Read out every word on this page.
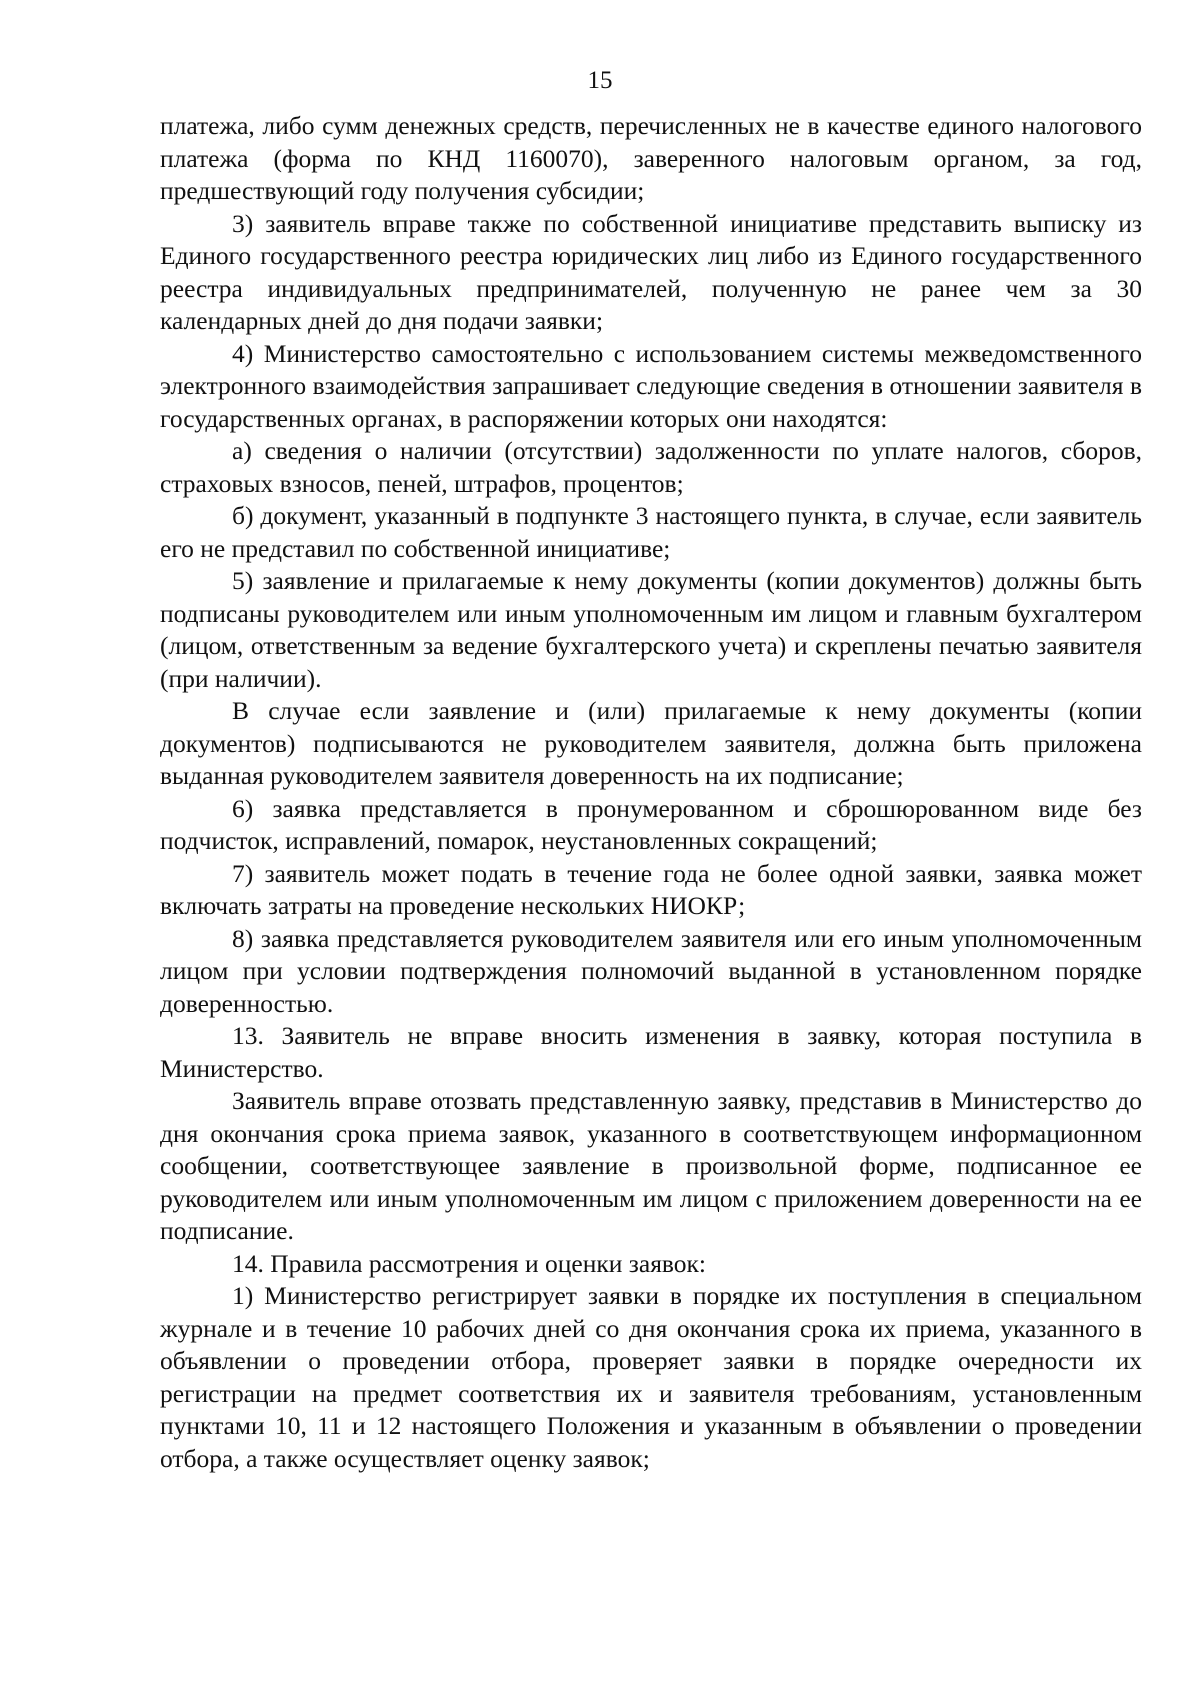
15

платежа, либо сумм денежных средств, перечисленных не в качестве единого налогового платежа (форма по КНД 1160070), заверенного налоговым органом, за год, предшествующий году получения субсидии;

3) заявитель вправе также по собственной инициативе представить выписку из Единого государственного реестра юридических лиц либо из Единого государственного реестра индивидуальных предпринимателей, полученную не ранее чем за 30 календарных дней до дня подачи заявки;

4) Министерство самостоятельно с использованием системы межведомственного электронного взаимодействия запрашивает следующие сведения в отношении заявителя в государственных органах, в распоряжении которых они находятся:

а) сведения о наличии (отсутствии) задолженности по уплате налогов, сборов, страховых взносов, пеней, штрафов, процентов;

б) документ, указанный в подпункте 3 настоящего пункта, в случае, если заявитель его не представил по собственной инициативе;

5) заявление и прилагаемые к нему документы (копии документов) должны быть подписаны руководителем или иным уполномоченным им лицом и главным бухгалтером (лицом, ответственным за ведение бухгалтерского учета) и скреплены печатью заявителя (при наличии).

В случае если заявление и (или) прилагаемые к нему документы (копии документов) подписываются не руководителем заявителя, должна быть приложена выданная руководителем заявителя доверенность на их подписание;

6) заявка представляется в пронумерованном и сброшюрованном виде без подчисток, исправлений, помарок, неустановленных сокращений;

7) заявитель может подать в течение года не более одной заявки, заявка может включать затраты на проведение нескольких НИОКР;

8) заявка представляется руководителем заявителя или его иным уполномоченным лицом при условии подтверждения полномочий выданной в установленном порядке доверенностью.

13. Заявитель не вправе вносить изменения в заявку, которая поступила в Министерство.

Заявитель вправе отозвать представленную заявку, представив в Министерство до дня окончания срока приема заявок, указанного в соответствующем информационном сообщении, соответствующее заявление в произвольной форме, подписанное ее руководителем или иным уполномоченным им лицом с приложением доверенности на ее подписание.

14. Правила рассмотрения и оценки заявок:

1) Министерство регистрирует заявки в порядке их поступления в специальном журнале и в течение 10 рабочих дней со дня окончания срока их приема, указанного в объявлении о проведении отбора, проверяет заявки в порядке очередности их регистрации на предмет соответствия их и заявителя требованиям, установленным пунктами 10, 11 и 12 настоящего Положения и указанным в объявлении о проведении отбора, а также осуществляет оценку заявок;
